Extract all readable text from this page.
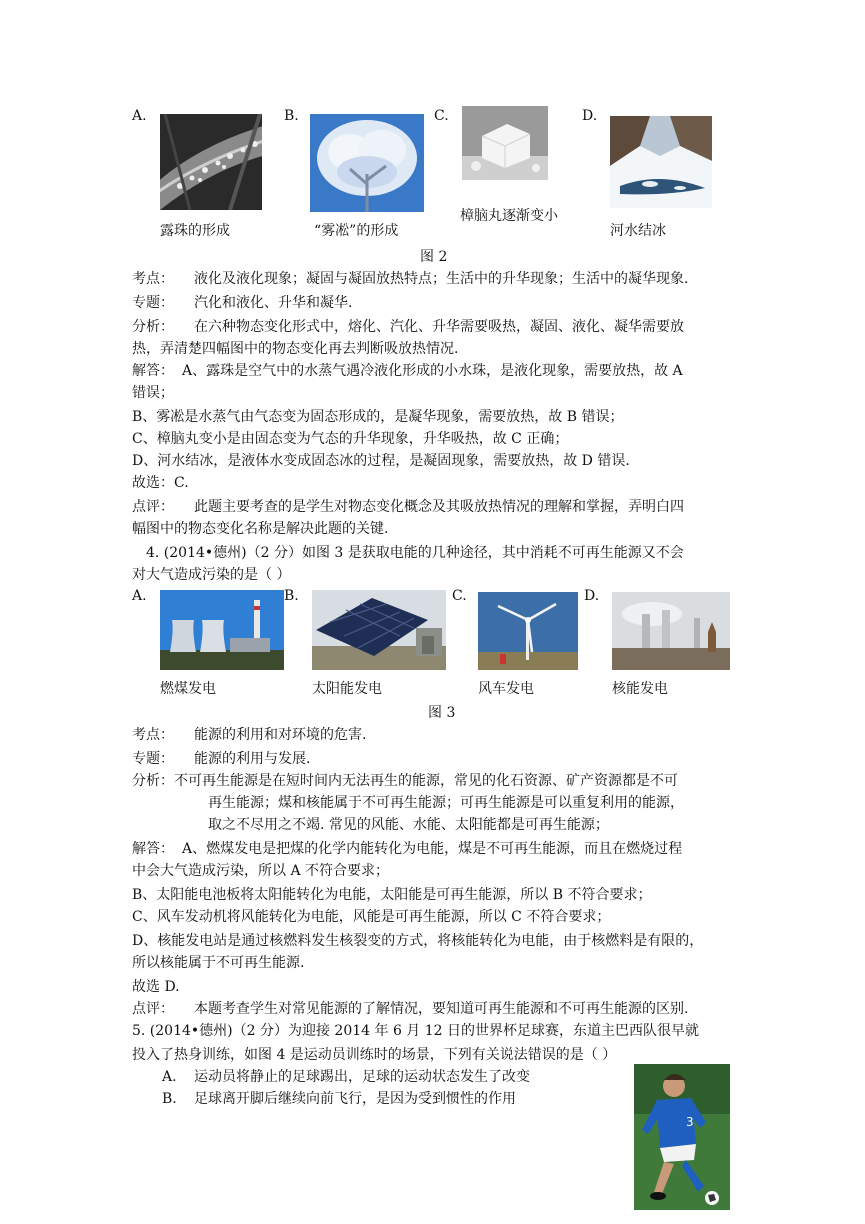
A.
露珠的形成
B.
“雾凇”的形成
C.
樟脑丸逐渐变小
D.
河水结冰
图 2
考点： 液化及液化现象；凝固与凝固放热特点；生活中的升华现象；生活中的凝华现象.
专题： 汽化和液化、升华和凝华.
分析： 在六种物态变化形式中，熔化、汽化、升华需要吸热，凝固、液化、凝华需要放
热，弄清楚四幅图中的物态变化再去判断吸放热情况.
解答： A、露珠是空气中的水蒸气遇冷液化形成的小水珠，是液化现象，需要放热，故 A
错误；
B、雾凇是水蒸气由气态变为固态形成的，是凝华现象，需要放热，故 B 错误；
C、樟脑丸变小是由固态变为气态的升华现象，升华吸热，故 C 正确；
D、河水结冰，是液体水变成固态冰的过程，是凝固现象，需要放热，故 D 错误.
故选：C.
点评： 此题主要考查的是学生对物态变化概念及其吸放热情况的理解和掌握，弄明白四
幅图中的物态变化名称是解决此题的关键.
4. (2014•德州)（2 分）如图 3 是获取电能的几种途径，其中消耗不可再生能源又不会
对大气造成污染的是（ ）
A.
燃煤发电
B.
太阳能发电
C.
风车发电
D.
核能发电
图 3
考点： 能源的利用和对环境的危害.
专题： 能源的利用与发展.
分析：不可再生能源是在短时间内无法再生的能源，常见的化石资源、矿产资源都是不可
再生能源；煤和核能属于不可再生能源；可再生能源是可以重复利用的能源，
取之不尽用之不竭. 常见的风能、水能、太阳能都是可再生能源；
解答： A、燃煤发电是把煤的化学内能转化为电能，煤是不可再生能源，而且在燃烧过程
中会大气造成污染，所以 A 不符合要求；
B、太阳能电池板将太阳能转化为电能，太阳能是可再生能源，所以 B 不符合要求；
C、风车发动机将风能转化为电能，风能是可再生能源，所以 C 不符合要求；
D、核能发电站是通过核燃料发生核裂变的方式，将核能转化为电能，由于核燃料是有限的，
所以核能属于不可再生能源.
故选 D.
点评： 本题考查学生对常见能源的了解情况，要知道可再生能源和不可再生能源的区别.
5. (2014•德州)（2 分）为迎接 2014 年 6 月 12 日的世界杯足球赛，东道主巴西队很早就
投入了热身训练，如图 4 是运动员训练时的场景，下列有关说法错误的是（ ）
A. 运动员将静止的足球踢出，足球的运动状态发生了改变
B. 足球离开脚后继续向前飞行，是因为受到惯性的作用
3
